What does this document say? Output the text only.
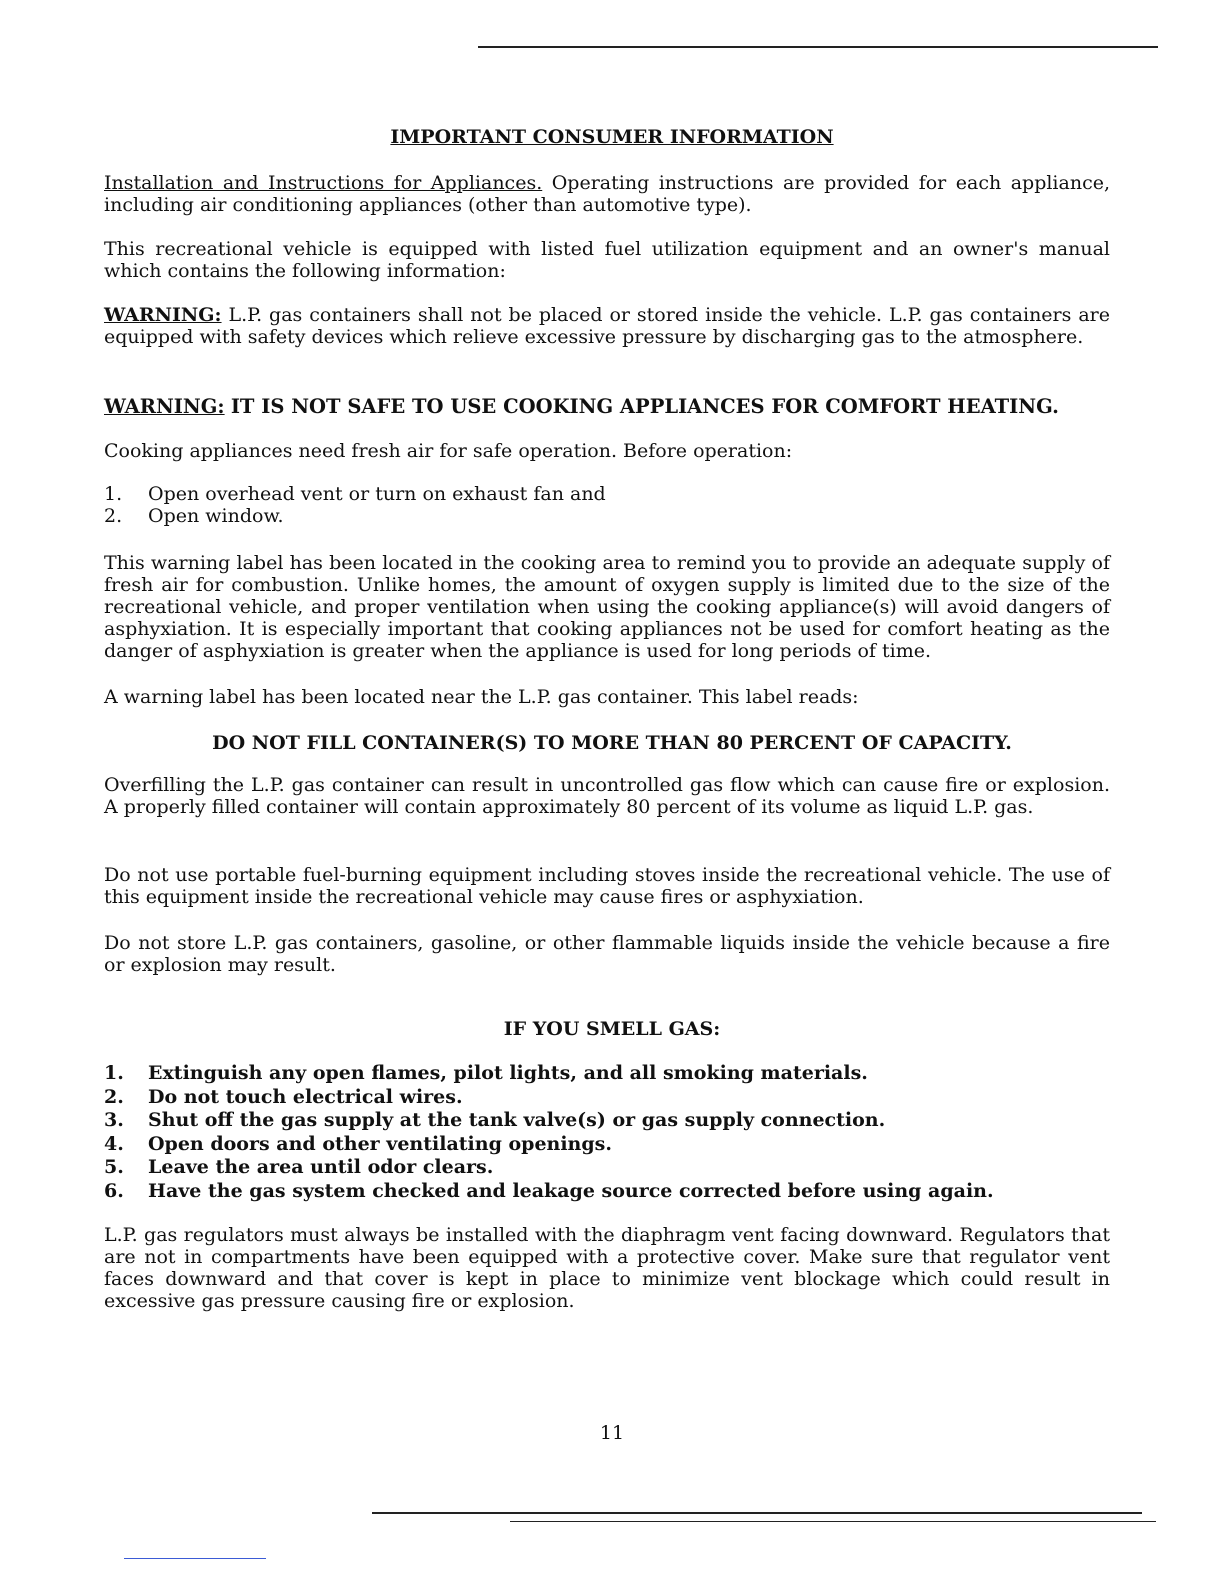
IMPORTANT CONSUMER INFORMATION
Installation and Instructions for Appliances. Operating instructions are provided for each appliance, including air conditioning appliances (other than automotive type).
This recreational vehicle is equipped with listed fuel utilization equipment and an owner's manual which contains the following information:
WARNING: L.P. gas containers shall not be placed or stored inside the vehicle. L.P. gas containers are equipped with safety devices which relieve excessive pressure by discharging gas to the atmosphere.
WARNING: IT IS NOT SAFE TO USE COOKING APPLIANCES FOR COMFORT HEATING.
Cooking appliances need fresh air for safe operation. Before operation:
1. Open overhead vent or turn on exhaust fan and
2. Open window.
This warning label has been located in the cooking area to remind you to provide an adequate supply of fresh air for combustion. Unlike homes, the amount of oxygen supply is limited due to the size of the recreational vehicle, and proper ventilation when using the cooking appliance(s) will avoid dangers of asphyxiation. It is especially important that cooking appliances not be used for comfort heating as the danger of asphyxiation is greater when the appliance is used for long periods of time.
A warning label has been located near the L.P. gas container. This label reads:
DO NOT FILL CONTAINER(S) TO MORE THAN 80 PERCENT OF CAPACITY.
Overfilling the L.P. gas container can result in uncontrolled gas flow which can cause fire or explosion. A properly filled container will contain approximately 80 percent of its volume as liquid L.P. gas.
Do not use portable fuel-burning equipment including stoves inside the recreational vehicle. The use of this equipment inside the recreational vehicle may cause fires or asphyxiation.
Do not store L.P. gas containers, gasoline, or other flammable liquids inside the vehicle because a fire or explosion may result.
IF YOU SMELL GAS:
1. Extinguish any open flames, pilot lights, and all smoking materials.
2. Do not touch electrical wires.
3. Shut off the gas supply at the tank valve(s) or gas supply connection.
4. Open doors and other ventilating openings.
5. Leave the area until odor clears.
6. Have the gas system checked and leakage source corrected before using again.
L.P. gas regulators must always be installed with the diaphragm vent facing downward. Regulators that are not in compartments have been equipped with a protective cover. Make sure that regulator vent faces downward and that cover is kept in place to minimize vent blockage which could result in excessive gas pressure causing fire or explosion.
11
